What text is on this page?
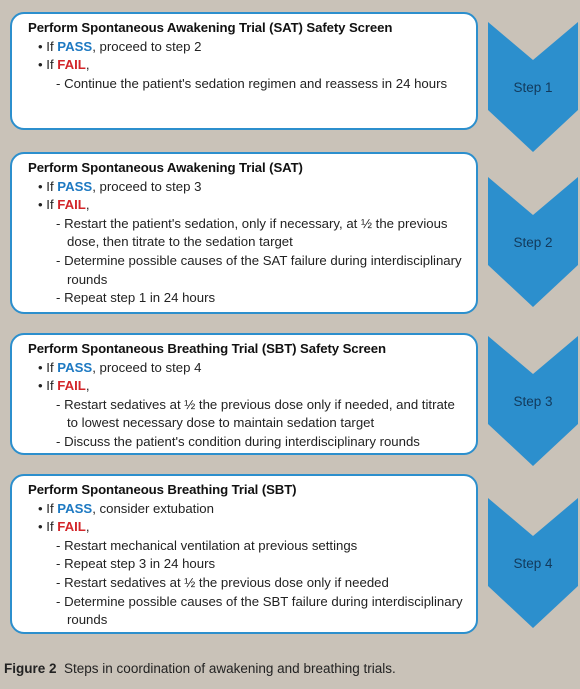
Perform Spontaneous Awakening Trial (SAT) Safety Screen
• If PASS, proceed to step 2
• If FAIL,
- Continue the patient's sedation regimen and reassess in 24 hours
Perform Spontaneous Awakening Trial (SAT)
• If PASS, proceed to step 3
• If FAIL,
- Restart the patient's sedation, only if necessary, at ½ the previous dose, then titrate to the sedation target
- Determine possible causes of the SAT failure during interdisciplinary rounds
- Repeat step 1 in 24 hours
Perform Spontaneous Breathing Trial (SBT) Safety Screen
• If PASS, proceed to step 4
• If FAIL,
- Restart sedatives at ½ the previous dose only if needed, and titrate to lowest necessary dose to maintain sedation target
- Discuss the patient's condition during interdisciplinary rounds
Perform Spontaneous Breathing Trial (SBT)
• If PASS, consider extubation
• If FAIL,
- Restart mechanical ventilation at previous settings
- Repeat step 3 in 24 hours
- Restart sedatives at ½ the previous dose only if needed
- Determine possible causes of the SBT failure during interdisciplinary rounds
Step 1
Step 2
Step 3
Step 4
Figure 2 Steps in coordination of awakening and breathing trials.
